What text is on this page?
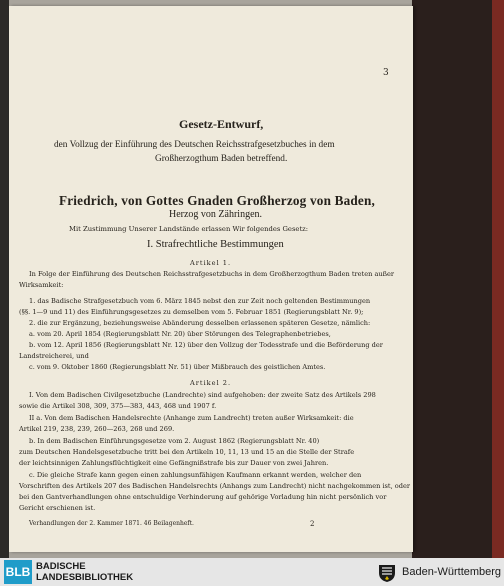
3

Gesetz-Entwurf,

den Vollzug der Einführung des Deutschen Reichsstrafgesetzbuches in dem

Großherzogthum Baden betreffend.

Friedrich, von Gottes Gnaden Großherzog von Baden,

Herzog von Zähringen.

Mit Zustimmung Unserer Landstände erlassen Wir folgendes Gesetz:

I. Strafrechtliche Bestimmungen

Artikel 1.

In Folge der Einführung des Deutschen Reichsstrafgesetzbuchs in dem Großherzogthum Baden treten außer

Wirksamkeit:

1. das Badische Strafgesetzbuch vom 6. März 1845 nebst den zur Zeit noch geltenden Bestimmungen

(§§. 1—9 und 11) des Einführungsgesetzes zu demselben vom 5. Februar 1851 (Regierungsblatt Nr. 9);

2. die zur Ergänzung, beziehungsweise Abänderung desselben erlassenen späteren Gesetze, nämlich:

a. vom 20. April 1854 (Regierungsblatt Nr. 20) über Störungen des Telegraphenbetriebes,

b. vom 12. April 1856 (Regierungsblatt Nr. 12) über den Vollzug der Todesstrafe und die Beförderung der

Landstreicherei, und

c. vom 9. Oktober 1860 (Regierungsblatt Nr. 51) über Mißbrauch des geistlichen Amtes.

Artikel 2.

I. Von dem Badischen Civilgesetzbuche (Landrechte) sind aufgehoben: der zweite Satz des Artikels 298

sowie die Artikel 308, 309, 375—383, 443, 468 und 1907 f.

II a. Von dem Badischen Handelsrechte (Anhange zum Landrecht) treten außer Wirksamkeit: die

Artikel 219, 238, 239, 260—263, 268 und 269.

b. In dem Badischen Einführungsgesetze vom 2. August 1862 (Regierungsblatt Nr. 40)

zum Deutschen Handelsgesetzbuche tritt bei den Artikeln 10, 11, 13 und 15 an die Stelle der Strafe

der leichtsinnigen Zahlungsflüchtigkeit eine Gefängnißstrafe bis zur Dauer von zwei Jahren.

c. Die gleiche Strafe kann gegen einen zahlungsunfähigen Kaufmann erkannt werden, welcher den

Vorschriften des Artikels 207 des Badischen Handelsrechts (Anhangs zum Landrecht) nicht nachgekommen ist, oder

bei den Gantverhandlungen ohne entschuldige Verhinderung auf gehörige Vorladung hin nicht persönlich vor

Gericht erschienen ist.

Verhandlungen der 2. Kammer 1871. 46 Beilagenheft.	2

BLB BADISCHE
LANDESBIBLIOTHEK	Baden-Württemberg
